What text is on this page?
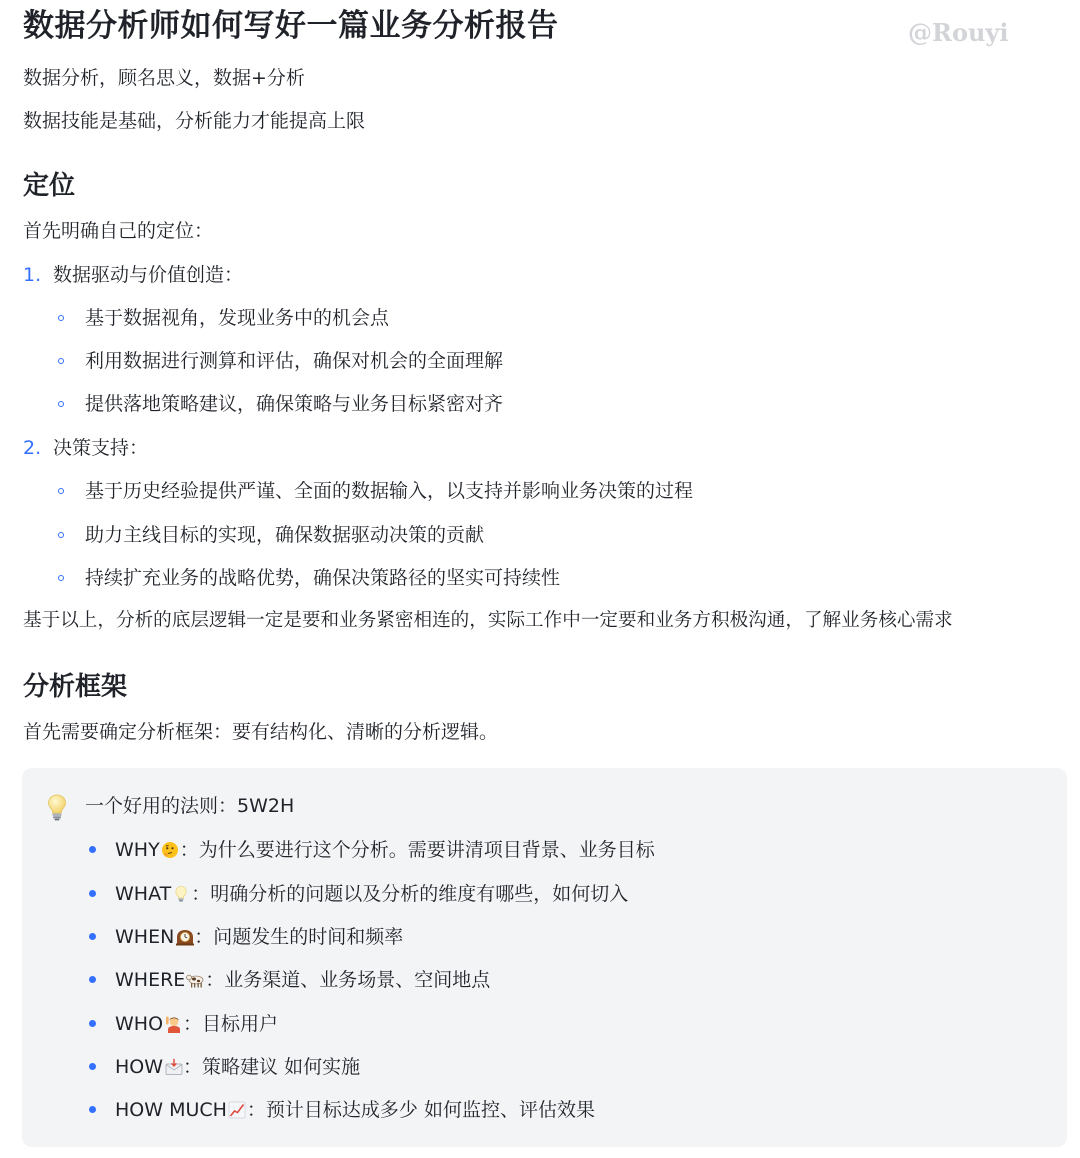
数据分析师如何写好一篇业务分析报告	@Rouyi
数据分析，顾名思义，数据+分析
数据技能是基础，分析能力才能提高上限
定位
首先明确自己的定位：
1. 数据驱动与价值创造：
基于数据视角，发现业务中的机会点
利用数据进行测算和评估，确保对机会的全面理解
提供落地策略建议，确保策略与业务目标紧密对齐
2. 决策支持：
基于历史经验提供严谨、全面的数据输入，以支持并影响业务决策的过程
助力主线目标的实现，确保数据驱动决策的贡献
持续扩充业务的战略优势，确保决策路径的坚实可持续性
基于以上，分析的底层逻辑一定是要和业务紧密相连的，实际工作中一定要和业务方积极沟通，了解业务核心需求
分析框架
首先需要确定分析框架：要有结构化、清晰的分析逻辑。
一个好用的法则：5W2H
WHY ：为什么要进行这个分析。需要讲清项目背景、业务目标
WHAT ：明确分析的问题以及分析的维度有哪些，如何切入
WHEN ：问题发生的时间和频率
WHERE ：业务渠道、业务场景、空间地点
WHO ：目标用户
HOW ：策略建议 如何实施
HOW MUCH ：预计目标达成多少 如何监控、评估效果
